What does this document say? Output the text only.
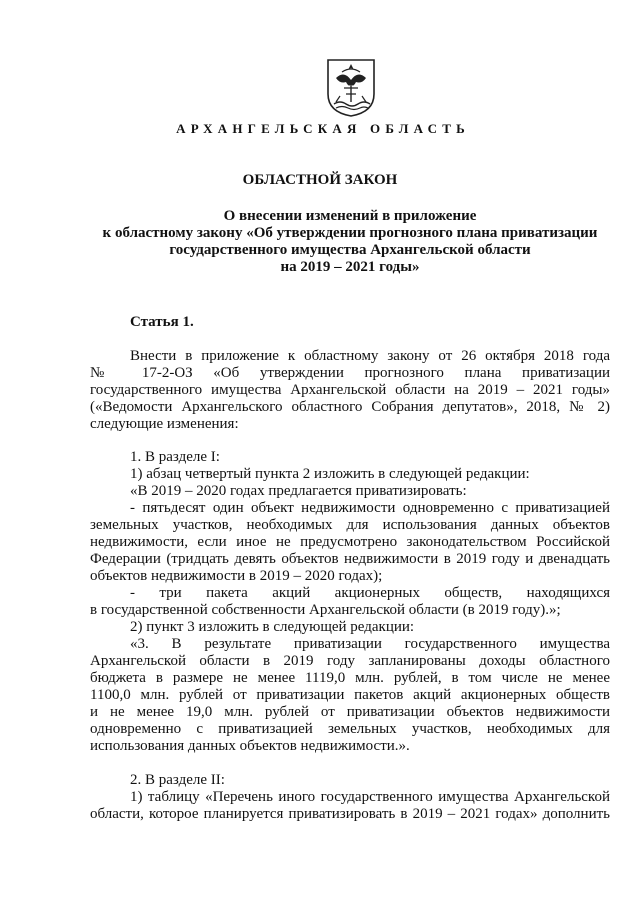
АРХАНГЕЛЬСКАЯ ОБЛАСТЬ
ОБЛАСТНОЙ ЗАКОН
О внесении изменений в приложение
к областному закону «Об утверждении прогнозного плана приватизации
государственного имущества Архангельской области
на 2019 – 2021 годы»
Статья 1.
Внести в приложение к областному закону от 26 октября 2018 года
№ 17-2-ОЗ «Об утверждении прогнозного плана приватизации
государственного имущества Архангельской области на 2019 – 2021 годы»
(«Ведомости Архангельского областного Собрания депутатов», 2018, № 2)
следующие изменения:
1. В разделе I:
1) абзац четвертый пункта 2 изложить в следующей редакции:
«В 2019 – 2020 годах предлагается приватизировать:
- пятьдесят один объект недвижимости одновременно с приватизацией
земельных участков, необходимых для использования данных объектов
недвижимости, если иное не предусмотрено законодательством Российской
Федерации (тридцать девять объектов недвижимости в 2019 году и двенадцать
объектов недвижимости в 2019 – 2020 годах);
- три пакета акций акционерных обществ, находящихся
в государственной собственности Архангельской области (в 2019 году).»;
2) пункт 3 изложить в следующей редакции:
«3. В результате приватизации государственного имущества
Архангельской области в 2019 году запланированы доходы областного
бюджета в размере не менее 1119,0 млн. рублей, в том числе не менее
1100,0 млн. рублей от приватизации пакетов акций акционерных обществ
и не менее 19,0 млн. рублей от приватизации объектов недвижимости
одновременно с приватизацией земельных участков, необходимых для
использования данных объектов недвижимости.».
2. В разделе II:
1) таблицу «Перечень иного государственного имущества Архангельской
области, которое планируется приватизировать в 2019 – 2021 годах» дополнить
